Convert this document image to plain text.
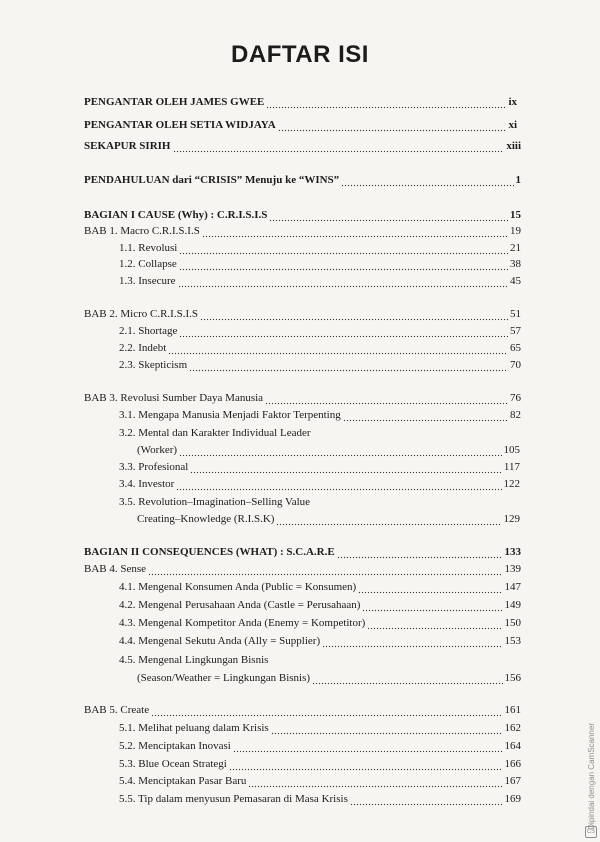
DAFTAR ISI
PENGANTAR OLEH JAMES GWEE	ix
PENGANTAR OLEH SETIA WIDJAYA	xi
SEKAPUR SIRIH	xiii
PENDAHULUAN dari “CRISIS” Menuju ke “WINS”	1
BAGIAN I CAUSE (Why) : C.R.I.S.I.S	15
BAB 1. Macro C.R.I.S.I.S	19
1.1. Revolusi	21
1.2. Collapse	38
1.3. Insecure	45
BAB 2. Micro C.R.I.S.I.S	51
2.1. Shortage	57
2.2. Indebt	65
2.3. Skepticism	70
BAB 3. Revolusi Sumber Daya Manusia	76
3.1. Mengapa Manusia Menjadi Faktor Terpenting	82
3.2. Mental dan Karakter Individual Leader
(Worker)	105
3.3. Profesional	117
3.4. Investor	122
3.5. Revolution–Imagination–Selling Value
Creating–Knowledge (R.I.S.K)	129
BAGIAN II CONSEQUENCES (WHAT) : S.C.A.R.E	133
BAB 4. Sense	139
4.1. Mengenal Konsumen Anda (Public = Konsumen)	147
4.2. Mengenal Perusahaan Anda (Castle = Perusahaan)	149
4.3. Mengenal Kompetitor Anda (Enemy = Kompetitor)	150
4.4. Mengenal Sekutu Anda (Ally = Supplier)	153
4.5. Mengenal Lingkungan Bisnis
(Season/Weather = Lingkungan Bisnis)	156
BAB 5. Create	161
5.1. Melihat peluang dalam Krisis	162
5.2. Menciptakan Inovasi	164
5.3. Blue Ocean Strategi	166
5.4. Menciptakan Pasar Baru	167
5.5. Tip dalam menyusun Pemasaran di Masa Krisis	169	Dipindai dengan CamScanner
CS
